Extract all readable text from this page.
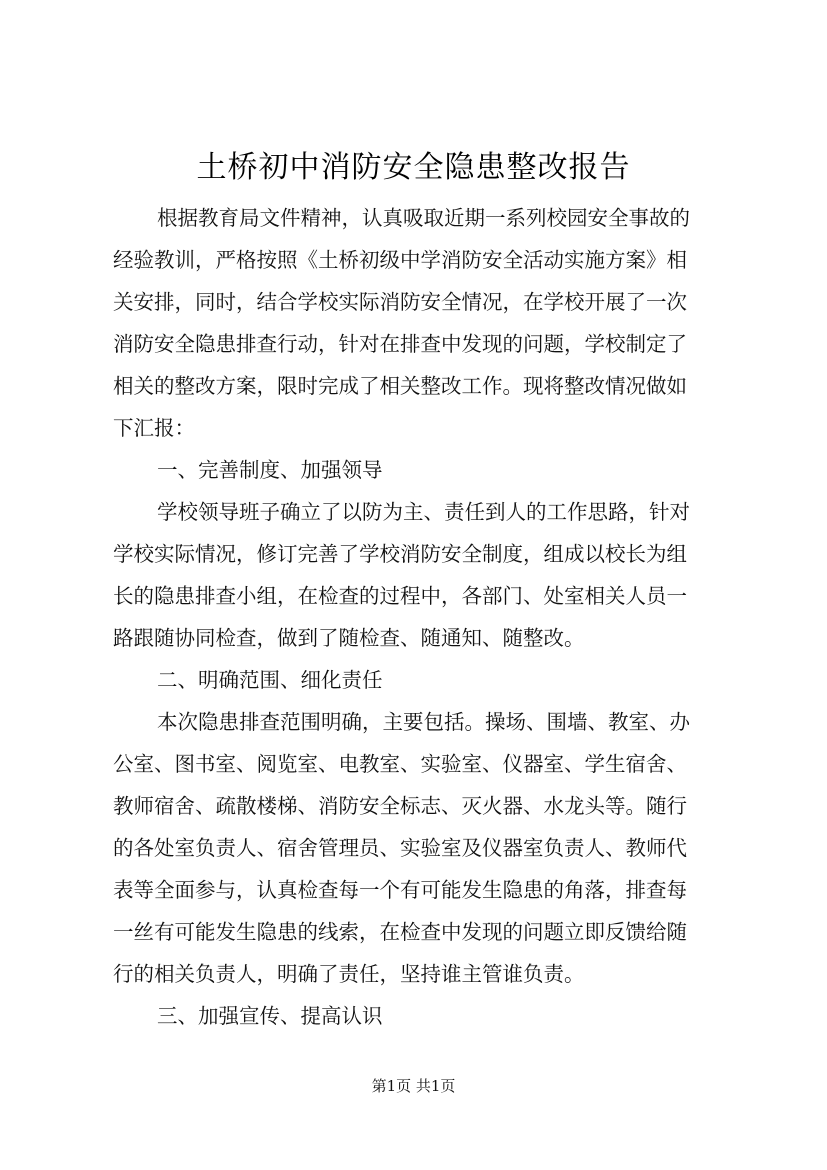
土桥初中消防安全隐患整改报告
根据教育局文件精神，认真吸取近期一系列校园安全事故的
经验教训，严格按照《土桥初级中学消防安全活动实施方案》相
关安排，同时，结合学校实际消防安全情况，在学校开展了一次
消防安全隐患排查行动，针对在排查中发现的问题，学校制定了
相关的整改方案，限时完成了相关整改工作。现将整改情况做如
下汇报：
一、完善制度、加强领导
学校领导班子确立了以防为主、责任到人的工作思路，针对
学校实际情况，修订完善了学校消防安全制度，组成以校长为组
长的隐患排查小组，在检查的过程中，各部门、处室相关人员一
路跟随协同检查，做到了随检查、随通知、随整改。
二、明确范围、细化责任
本次隐患排查范围明确，主要包括。操场、围墙、教室、办
公室、图书室、阅览室、电教室、实验室、仪器室、学生宿舍、
教师宿舍、疏散楼梯、消防安全标志、灭火器、水龙头等。随行
的各处室负责人、宿舍管理员、实验室及仪器室负责人、教师代
表等全面参与，认真检查每一个有可能发生隐患的角落，排查每
一丝有可能发生隐患的线索，在检查中发现的问题立即反馈给随
行的相关负责人，明确了责任，坚持谁主管谁负责。
三、加强宣传、提高认识
第1页 共1页
